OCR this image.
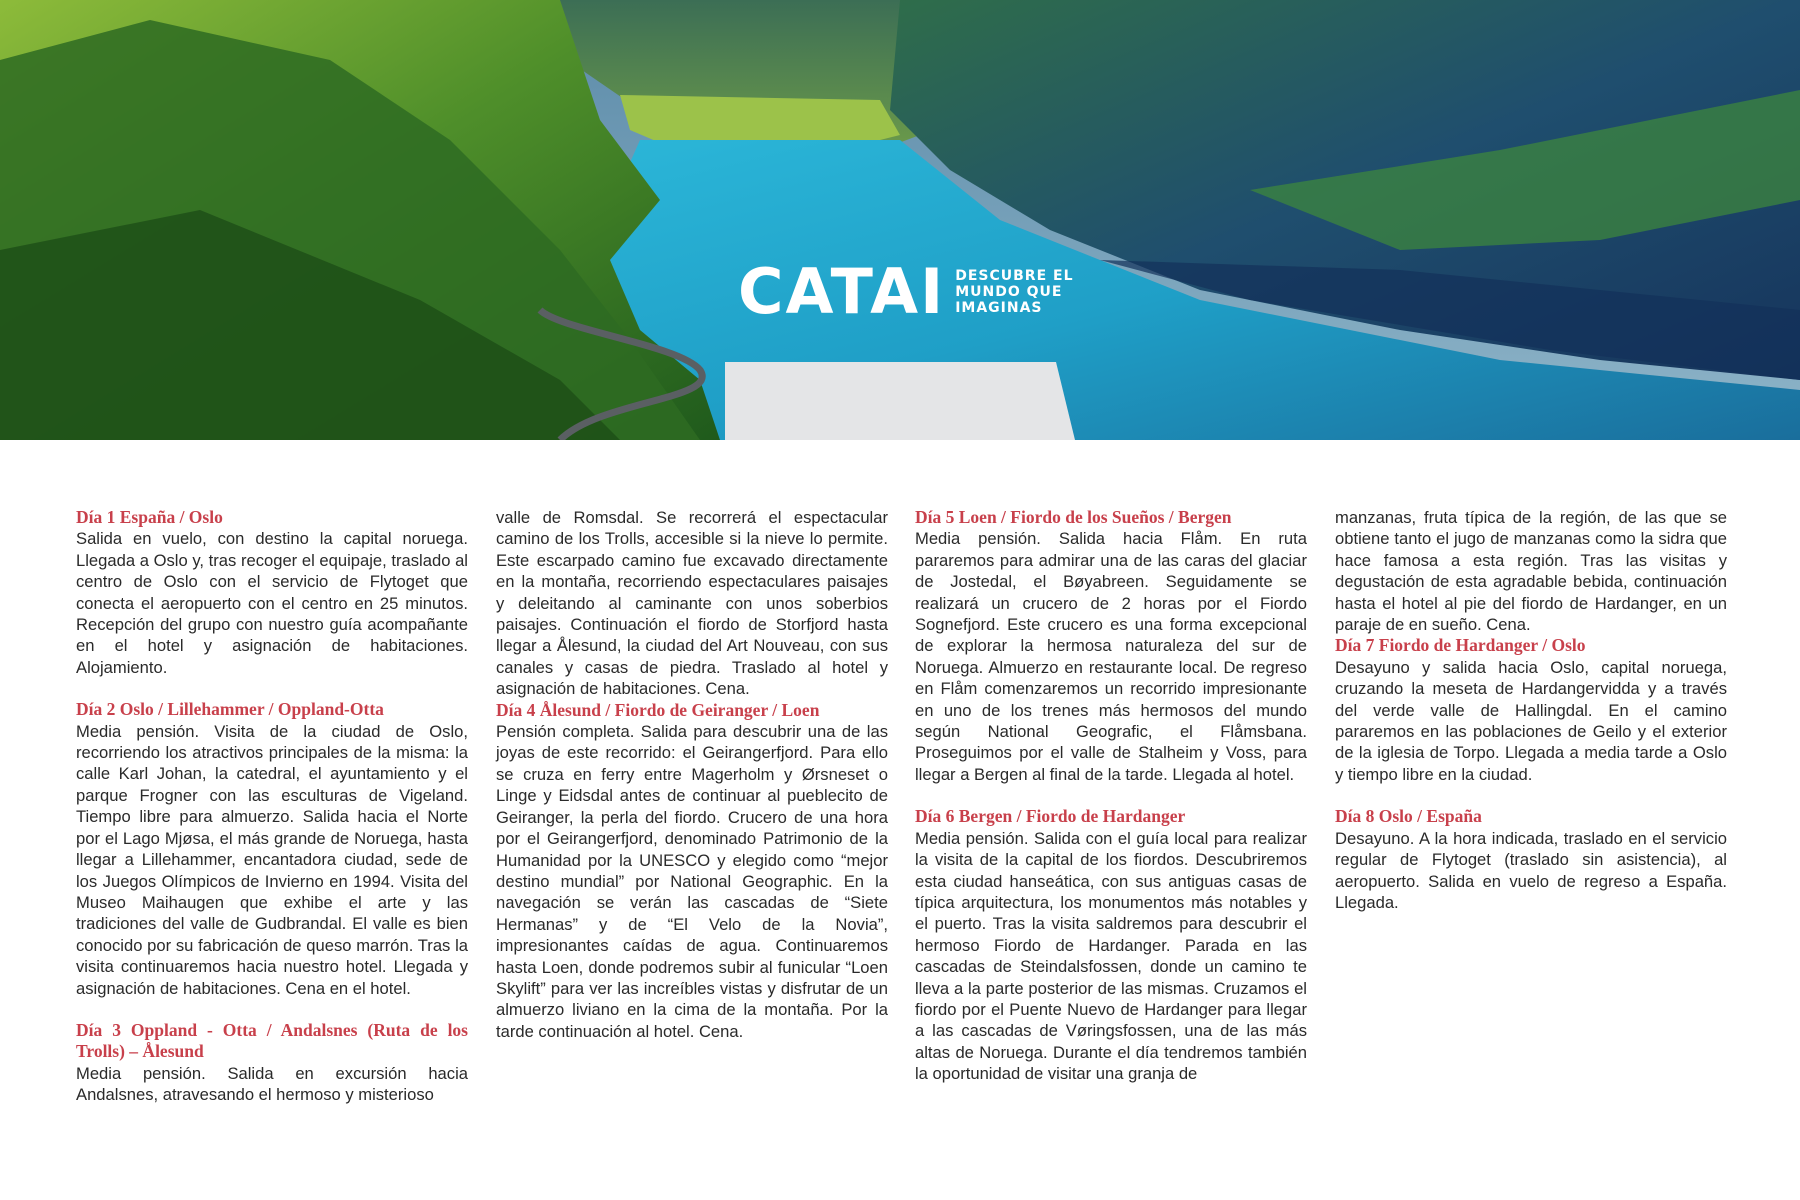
CATAI DESCUBRE EL
MUNDO QUE
IMAGINAS

Día 1 España / Oslo

Salida en vuelo, con destino la capital noruega. Llegada a Oslo y, tras recoger el equipaje, traslado al centro de Oslo con el servicio de Flytoget que conecta el aeropuerto con el centro en 25 minutos. Recepción del grupo con nuestro guía acompañante en el hotel y asignación de habitaciones. Alojamiento.

Día 2 Oslo / Lillehammer / Oppland-Otta

Media pensión. Visita de la ciudad de Oslo, recorriendo los atractivos principales de la misma: la calle Karl Johan, la catedral, el ayuntamiento y el parque Frogner con las esculturas de Vigeland. Tiempo libre para almuerzo. Salida hacia el Norte por el Lago Mjøsa, el más grande de Noruega, hasta llegar a Lillehammer, encantadora ciudad, sede de los Juegos Olímpicos de Invierno en 1994. Visita del Museo Maihaugen que exhibe el arte y las tradiciones del valle de Gudbrandal. El valle es bien conocido por su fabricación de queso marrón. Tras la visita continuaremos hacia nuestro hotel. Llegada y asignación de habitaciones. Cena en el hotel.

Día 3 Oppland - Otta / Andalsnes (Ruta de los Trolls) – Ålesund

Media pensión. Salida en excursión hacia Andalsnes, atravesando el hermoso y misterioso

valle de Romsdal. Se recorrerá el espectacular camino de los Trolls, accesible si la nieve lo permite. Este escarpado camino fue excavado directamente en la montaña, recorriendo espectaculares paisajes y deleitando al caminante con unos soberbios paisajes. Continuación el fiordo de Storfjord hasta llegar a Ålesund, la ciudad del Art Nouveau, con sus canales y casas de piedra. Traslado al hotel y asignación de habitaciones. Cena.

Día 4 Ålesund / Fiordo de Geiranger / Loen

Pensión completa. Salida para descubrir una de las joyas de este recorrido: el Geirangerfjord. Para ello se cruza en ferry entre Magerholm y Ørsneset o Linge y Eidsdal antes de continuar al pueblecito de Geiranger, la perla del fiordo. Crucero de una hora por el Geirangerfjord, denominado Patrimonio de la Humanidad por la UNESCO y elegido como “mejor destino mundial” por National Geographic. En la navegación se verán las cascadas de “Siete Hermanas” y de “El Velo de la Novia”, impresionantes caídas de agua. Continuaremos hasta Loen, donde podremos subir al funicular “Loen Skylift” para ver las increíbles vistas y disfrutar de un almuerzo liviano en la cima de la montaña. Por la tarde continuación al hotel. Cena.

Día 5 Loen / Fiordo de los Sueños / Bergen

Media pensión. Salida hacia Flåm. En ruta pararemos para admirar una de las caras del glaciar de Jostedal, el Bøyabreen. Seguidamente se realizará un crucero de 2 horas por el Fiordo Sognefjord. Este crucero es una forma excepcional de explorar la hermosa naturaleza del sur de Noruega. Almuerzo en restaurante local. De regreso en Flåm comenzaremos un recorrido impresionante en uno de los trenes más hermosos del mundo según National Geografic, el Flåmsbana. Proseguimos por el valle de Stalheim y Voss, para llegar a Bergen al final de la tarde. Llegada al hotel.

Día 6 Bergen / Fiordo de Hardanger

Media pensión. Salida con el guía local para realizar la visita de la capital de los fiordos. Descubriremos esta ciudad hanseática, con sus antiguas casas de típica arquitectura, los monumentos más notables y el puerto. Tras la visita saldremos para descubrir el hermoso Fiordo de Hardanger. Parada en las cascadas de Steindalsfossen, donde un camino te lleva a la parte posterior de las mismas. Cruzamos el fiordo por el Puente Nuevo de Hardanger para llegar a las cascadas de Vøringsfossen, una de las más altas de Noruega. Durante el día tendremos también la oportunidad de visitar una granja de

manzanas, fruta típica de la región, de las que se obtiene tanto el jugo de manzanas como la sidra que hace famosa a esta región. Tras las visitas y degustación de esta agradable bebida, continuación hasta el hotel al pie del fiordo de Hardanger, en un paraje de en sueño. Cena.

Día 7 Fiordo de Hardanger / Oslo

Desayuno y salida hacia Oslo, capital noruega, cruzando la meseta de Hardangervidda y a través del verde valle de Hallingdal. En el camino pararemos en las poblaciones de Geilo y el exterior de la iglesia de Torpo. Llegada a media tarde a Oslo y tiempo libre en la ciudad.

Día 8 Oslo / España

Desayuno. A la hora indicada, traslado en el servicio regular de Flytoget (traslado sin asistencia), al aeropuerto. Salida en vuelo de regreso a España. Llegada.
